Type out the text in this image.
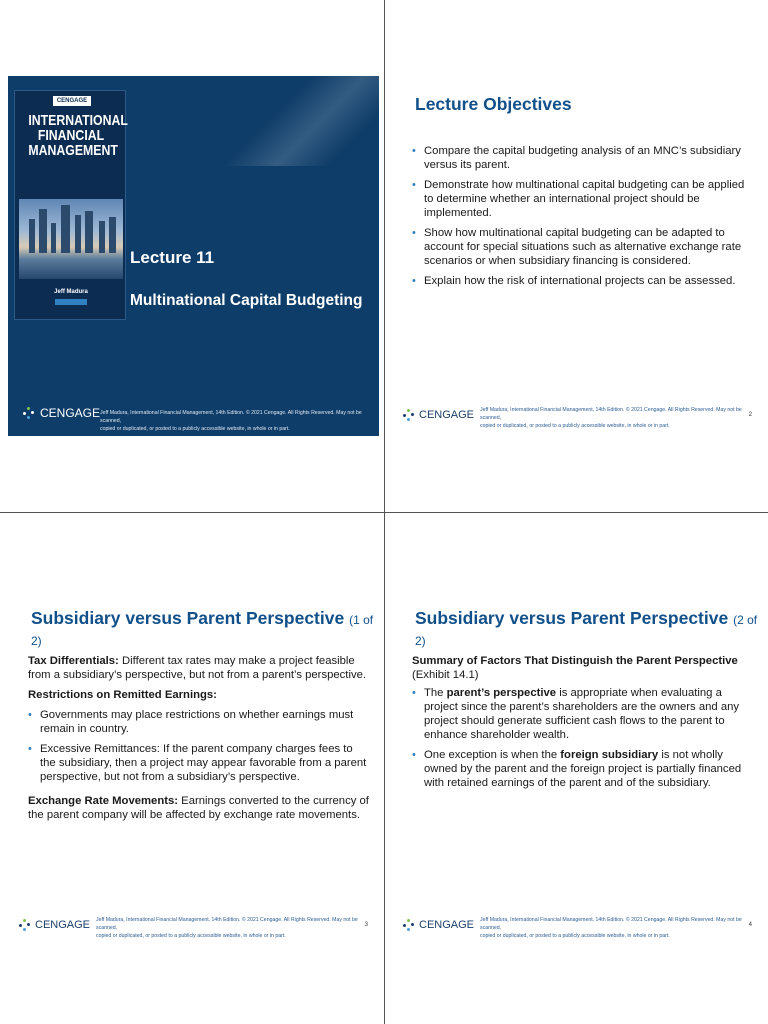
CENGAGE
INTERNATIONAL
FINANCIAL
MANAGEMENT
Jeff Madura
Lecture 11
Multinational Capital Budgeting
CENGAGE Jeff Madura, International Financial Management, 14th Edition. © 2021 Cengage. All Rights Reserved. May not be scanned,
copied or duplicated, or posted to a publicly accessible website, in whole or in part.
Lecture Objectives
• Compare the capital budgeting analysis of an MNC’s subsidiary versus its parent.
• Demonstrate how multinational capital budgeting can be applied to determine whether an international project should be implemented.
• Show how multinational capital budgeting can be adapted to account for special situations such as alternative exchange rate scenarios or when subsidiary financing is considered.
• Explain how the risk of international projects can be assessed.
CENGAGE Jeff Madura, International Financial Management, 14th Edition. © 2021 Cengage. All Rights Reserved. May not be scanned,
copied or duplicated, or posted to a publicly accessible website, in whole or in part.
2
Subsidiary versus Parent Perspective (1 of 2)

Tax Differentials: Different tax rates may make a project feasible from a subsidiary’s perspective, but not from a parent’s perspective.

Restrictions on Remitted Earnings:

• Governments may place restrictions on whether earnings must remain in country.
• Excessive Remittances: If the parent company charges fees to the subsidiary, then a project may appear favorable from a parent perspective, but not from a subsidiary’s perspective.

Exchange Rate Movements: Earnings converted to the currency of the parent company will be affected by exchange rate movements.

CENGAGE Jeff Madura, International Financial Management, 14th Edition. © 2021 Cengage. All Rights Reserved. May not be scanned,
copied or duplicated, or posted to a publicly accessible website, in whole or in part.
3
Subsidiary versus Parent Perspective (2 of 2)

Summary of Factors That Distinguish the Parent Perspective (Exhibit 14.1)

• The parent’s perspective is appropriate when evaluating a project since the parent’s shareholders are the owners and any project should generate sufficient cash flows to the parent to enhance shareholder wealth.
• One exception is when the foreign subsidiary is not wholly owned by the parent and the foreign project is partially financed with retained earnings of the parent and of the subsidiary.
CENGAGE Jeff Madura, International Financial Management, 14th Edition. © 2021 Cengage. All Rights Reserved. May not be scanned,
copied or duplicated, or posted to a publicly accessible website, in whole or in part.
4
